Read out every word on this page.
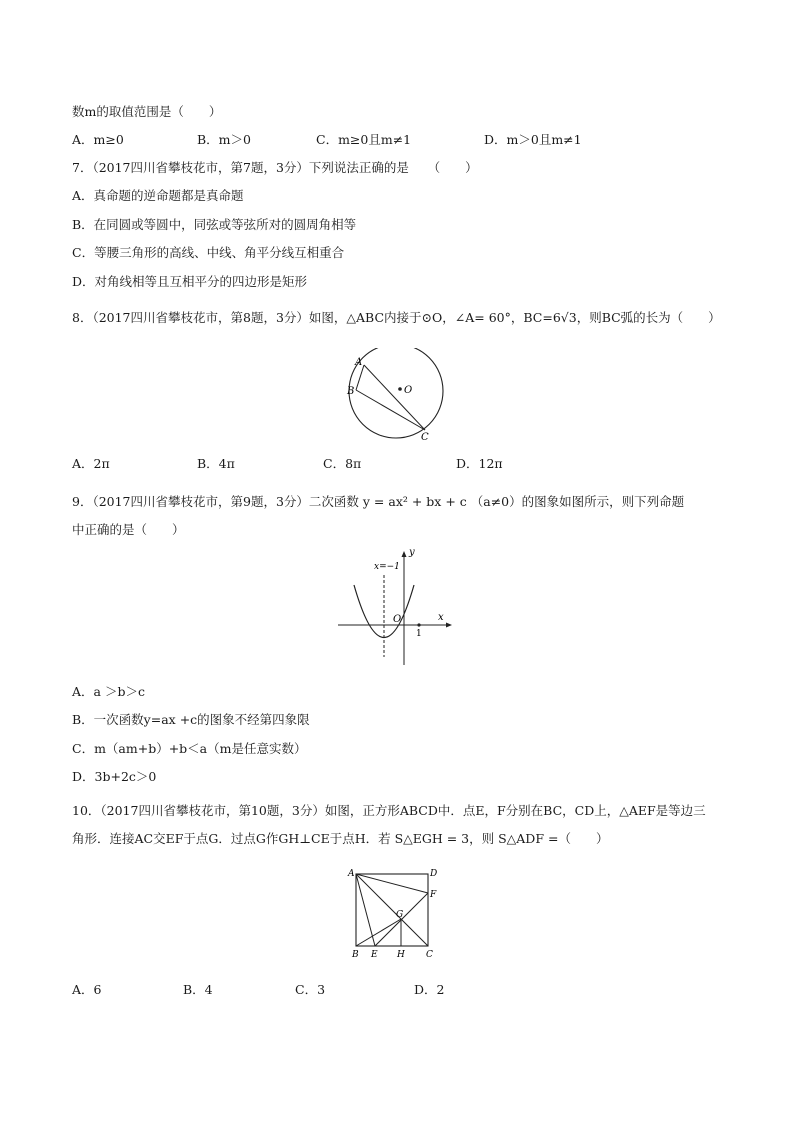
数m的取值范围是（　　）
A．m≥0	B．m＞0	C．m≥0且m≠1	D．m＞0且m≠1
7．（2017四川省攀枝花市，第7题，3分）下列说法正确的是　　（　　）
A．真命题的逆命题都是真命题
B．在同圆或等圆中，同弦或等弦所对的圆周角相等
C．等腰三角形的高线、中线、角平分线互相重合
D．对角线相等且互相平分的四边形是矩形
8．（2017四川省攀枝花市，第8题，3分）如图，△ABC内接于⊙O，∠A= 60°，BC=6√3，则BC弧的长为（　　）
A
B	O
C
A．2π	B．4π	C．8π	D．12π
9．（2017四川省攀枝花市，第9题，3分）二次函数 y = ax² + bx + c （a≠0）的图象如图所示，则下列命题
中正确的是（　　）
y
x=−1
O
1
x
A．a ＞b＞c
B．一次函数y=ax +c的图象不经第四象限
C．m（am+b）+b＜a（m是任意实数）
D．3b+2c＞0
10．（2017四川省攀枝花市，第10题，3分）如图，正方形ABCD中．点E，F分别在BC，CD上，△AEF是等边三
角形．连接AC交EF于点G．过点G作GH⊥CE于点H．若 S△EGH = 3，则 S△ADF =（　　）
A	D
F
G
B E H C
A．6	B．4	C．3	D．2
